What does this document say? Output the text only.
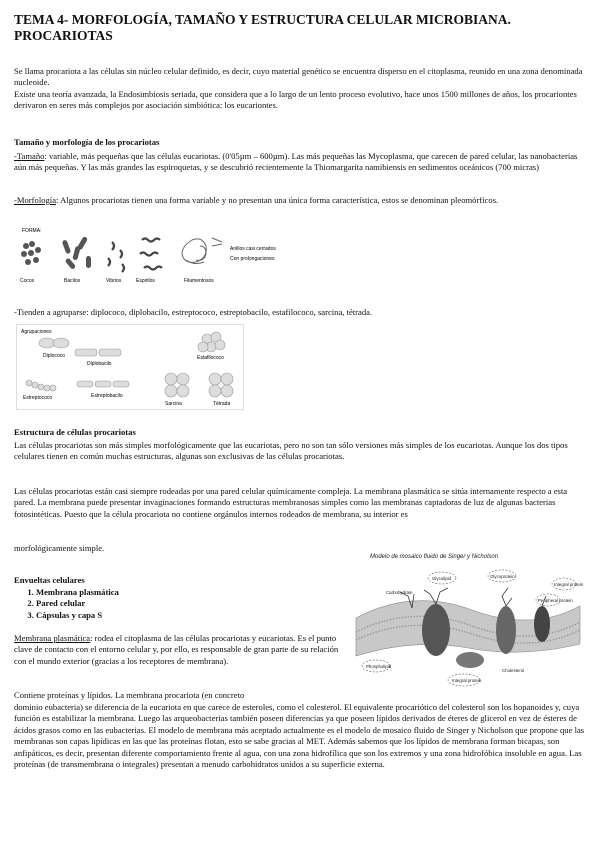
TEMA 4- MORFOLOGÍA, TAMAÑO Y ESTRUCTURA CELULAR MICROBIANA. PROCARIOTAS
Se llama procariota a las células sin núcleo celular definido, es decir, cuyo material genético se encuentra disperso en el citoplasma, reunido en una zona denominada nucleoide.
Existe una teoría avanzada, la Endosimbiosis seriada, que considera que a lo largo de un lento proceso evolutivo, hace unos 1500 millones de años, los procariontes derivaron en seres más complejos por asociación simbiótica: los eucariontes.
Tamaño y morfología de los procariotas
-Tamaño: variable, más pequeñas que las células eucariotas. (0'05µm – 600µm). Las más pequeñas las Mycoplasma, que carecen de pared celular, las nanobacterias aún más pequeñas. Y las más grandes las espiroquetas, y se descubrió recientemente la Thiomargarita namibiensis en sedimentos oceánicos (700 micras)
-Morfología: Algunos procariotas tienen una forma variable y no presentan una única forma característica, estos se denominan pleomórficos.
FORMA:
Cocos	Bacilos	Vibrios	Espirilos	Filamentosos
Anillos casi cerrados
Con prolongaciones
-Tienden a agruparse: diplococo, diplobacilo, estreptococo, estreptobacilo, estafilococo, sarcina, tétrada.
Agrupaciones
Diplococo
Diplobacilo
Estafilococo
Estreptococo	Estreptobacilo
Sarcina	Tétrada
Estructura de células procariotas
Las células procariotas son más simples morfológicamente que las eucariotas, pero no son tan sólo versiones más simples de los eucariotas. Aunque los dos tipos celulares tienen en común muchas estructuras, algunas son exclusivas de las células procariotas.
Las células procariotas están casi siempre rodeadas por una pared celular químicamente compleja. La membrana plasmática se sitúa internamente respecto a esta pared. La membrana puede presentar invaginaciones formando estructuras membranosas simples como las membranas captadoras de luz de algunas bacterias fotosintéticas. Puesto que la célula procariota no contiene orgánulos internos rodeados de membrana, su interior es
morfológicamente simple.
Envueltas celulares
1. Membrana plasmática
2. Pared celular
3. Cápsulas y capa S
Membrana plasmática: rodea el citoplasma de las células procariotas y eucariotas. Es el punto clave de contacto con el entorno celular y, por ello, es responsable de gran parte de su relación con el mundo exterior (gracias a los receptores de membrana).
Contiene proteínas y lípidos. La membrana procariota (en concreto
dominio eubacteria) se diferencia de la eucariota en que carece de esteroles, como el colesterol. El equivalente procariótico del colesterol son los hopanoides y, cuya función es estabilizar la membrana. Luego las arqueobacterias también poseen diferencias ya que poseen lípidos derivados de éteres de glicerol en vez de ésteres de ácidos grasos como en las eubacterias. El modelo de membrana más aceptado actualmente es el modelo de mosaico fluido de Singer y Nicholson que propone que las membranas son capas lipídicas en las que las proteínas flotan, esto se sabe gracias al MET. Además sabemos que los lípidos de membrana forman bicapas, son anfipáticos, es decir, presentan diferente comportamiento frente al agua, con una zona hidrofílica que son los extremos y una zona hidrofóbica insoluble en agua. Las proteínas (de transmembrana o integrales) presentan a menudo carbohidratos unidos a su superficie externa.
Modelo de mosaico fluido de Singer y Nicholson
Glycolipid	Glycoprotein
Integral protein
Peripheral protein
Integral protein
Phospholipid
Cholesterol
Carbohydrate
